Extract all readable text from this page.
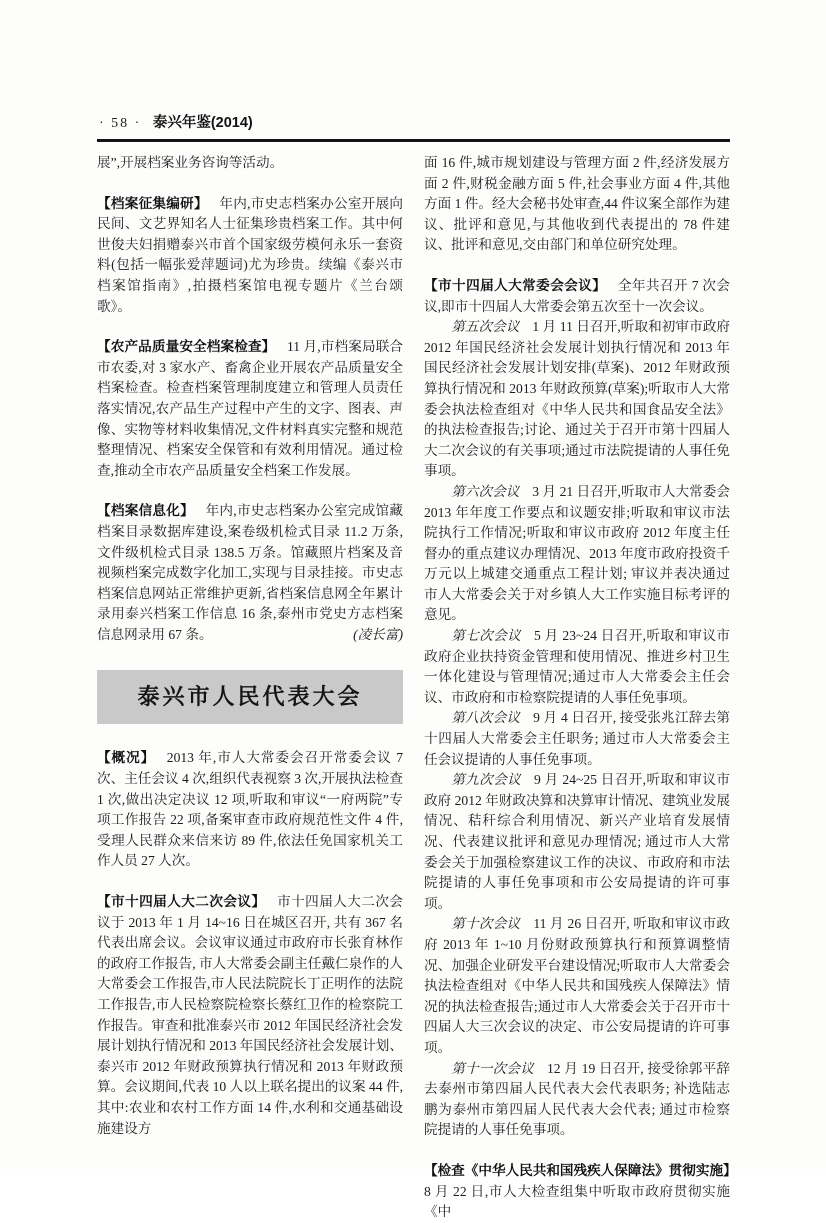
· 58 · 泰兴年鉴(2014)

展”,开展档案业务咨询等活动。

【档案征集编研】 年内,市史志档案办公室开展向民间、文艺界知名人士征集珍贵档案工作。其中何世俊夫妇捐赠泰兴市首个国家级劳模何永乐一套资料(包括一幅张爱萍题词)尤为珍贵。续编《泰兴市档案馆指南》,拍摄档案馆电视专题片《兰台颂歌》。

【农产品质量安全档案检查】 11 月,市档案局联合市农委,对 3 家水产、畜禽企业开展农产品质量安全档案检查。检查档案管理制度建立和管理人员责任落实情况,农产品生产过程中产生的文字、图表、声像、实物等材料收集情况,文件材料真实完整和规范整理情况、档案安全保管和有效利用情况。通过检查,推动全市农产品质量安全档案工作发展。

【档案信息化】 年内,市史志档案办公室完成馆藏档案目录数据库建设,案卷级机检式目录 11.2 万条,文件级机检式目录 138.5 万条。馆藏照片档案及音视频档案完成数字化加工,实现与目录挂接。市史志档案信息网站正常维护更新,省档案信息网全年累计录用泰兴档案工作信息 16 条,泰州市党史方志档案信息网录用 67 条。	(凌长富)

泰兴市人民代表大会

【概况】 2013 年,市人大常委会召开常委会议 7 次、主任会议 4 次,组织代表视察 3 次,开展执法检查 1 次,做出决定决议 12 项,听取和审议“一府两院”专项工作报告 22 项,备案审查市政府规范性文件 4 件,受理人民群众来信来访 89 件,依法任免国家机关工作人员 27 人次。

【市十四届人大二次会议】 市十四届人大二次会议于 2013 年 1 月 14~16 日在城区召开, 共有 367 名代表出席会议。会议审议通过市政府市长张育林作的政府工作报告, 市人大常委会副主任戴仁泉作的人大常委会工作报告,市人民法院院长丁正明作的法院工作报告,市人民检察院检察长蔡红卫作的检察院工作报告。审查和批准泰兴市 2012 年国民经济社会发展计划执行情况和 2013 年国民经济社会发展计划、泰兴市 2012 年财政预算执行情况和 2013 年财政预算。会议期间,代表 10 人以上联名提出的议案 44 件,其中:农业和农村工作方面 14 件,水利和交通基础设施建设方

面 16 件,城市规划建设与管理方面 2 件,经济发展方面 2 件,财税金融方面 5 件,社会事业方面 4 件,其他方面 1 件。经大会秘书处审查,44 件议案全部作为建议、批评和意见,与其他收到代表提出的 78 件建议、批评和意见,交由部门和单位研究处理。

【市十四届人大常委会会议】 全年共召开 7 次会议,即市十四届人大常委会第五次至十一次会议。

第五次会议 1 月 11 日召开,听取和初审市政府 2012 年国民经济社会发展计划执行情况和 2013 年国民经济社会发展计划安排(草案)、2012 年财政预算执行情况和 2013 年财政预算(草案);听取市人大常委会执法检查组对《中华人民共和国食品安全法》的执法检查报告;讨论、通过关于召开市第十四届人大二次会议的有关事项;通过市法院提请的人事任免事项。

第六次会议 3 月 21 日召开,听取市人大常委会 2013 年年度工作要点和议题安排;听取和审议市法院执行工作情况;听取和审议市政府 2012 年度主任督办的重点建议办理情况、2013 年度市政府投资千万元以上城建交通重点工程计划; 审议并表决通过市人大常委会关于对乡镇人大工作实施目标考评的意见。

第七次会议 5 月 23~24 日召开,听取和审议市政府企业扶持资金管理和使用情况、推进乡村卫生一体化建设与管理情况;通过市人大常委会主任会议、市政府和市检察院提请的人事任免事项。

第八次会议 9 月 4 日召开, 接受张兆江辞去第十四届人大常委会主任职务; 通过市人大常委会主任会议提请的人事任免事项。

第九次会议 9 月 24~25 日召开,听取和审议市政府 2012 年财政决算和决算审计情况、建筑业发展情况、秸秆综合利用情况、新兴产业培育发展情况、代表建议批评和意见办理情况; 通过市人大常委会关于加强检察建议工作的决议、市政府和市法院提请的人事任免事项和市公安局提请的许可事项。

第十次会议 11 月 26 日召开, 听取和审议市政府 2013 年 1~10 月份财政预算执行和预算调整情况、加强企业研发平台建设情况;听取市人大常委会执法检查组对《中华人民共和国残疾人保障法》情况的执法检查报告;通过市人大常委会关于召开市十四届人大三次会议的决定、市公安局提请的许可事项。

第十一次会议 12 月 19 日召开, 接受徐郭平辞去泰州市第四届人民代表大会代表职务; 补选陆志鹏为泰州市第四届人民代表大会代表; 通过市检察院提请的人事任免事项。

【检查《中华人民共和国残疾人保障法》贯彻实施】8 月 22 日,市人大检查组集中听取市政府贯彻实施《中
